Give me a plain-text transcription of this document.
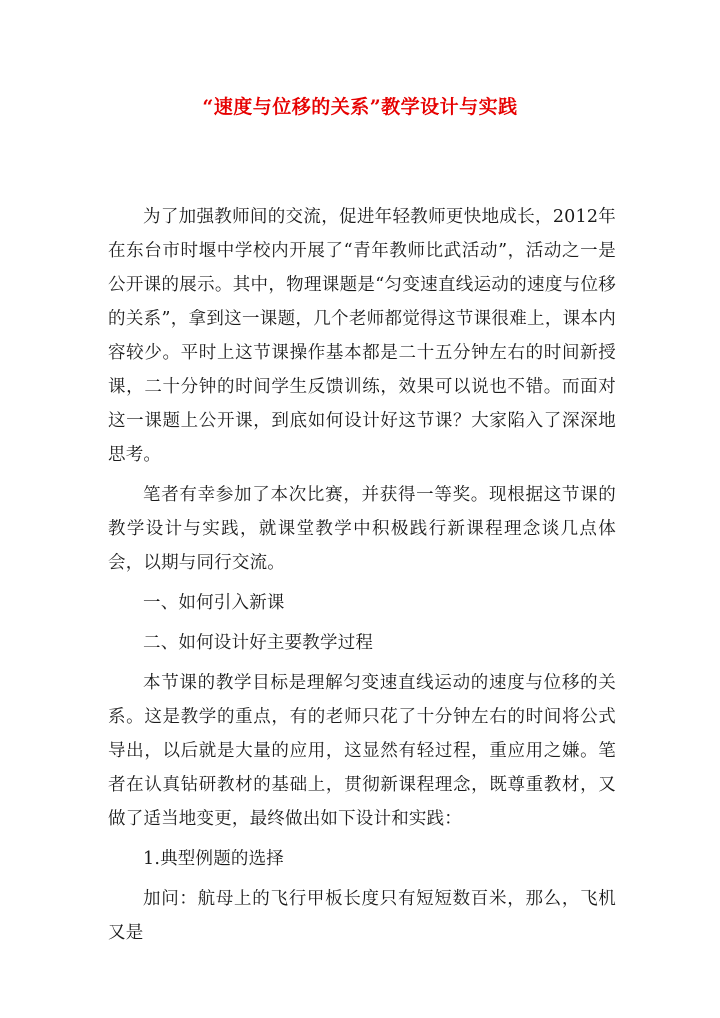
“速度与位移的关系”教学设计与实践

为了加强教师间的交流，促进年轻教师更快地成长，2012年在东台市时堰中学校内开展了“青年教师比武活动”，活动之一是公开课的展示。其中，物理课题是“匀变速直线运动的速度与位移的关系”，拿到这一课题，几个老师都觉得这节课很难上，课本内容较少。平时上这节课操作基本都是二十五分钟左右的时间新授课，二十分钟的时间学生反馈训练，效果可以说也不错。而面对这一课题上公开课，到底如何设计好这节课？大家陷入了深深地思考。

笔者有幸参加了本次比赛，并获得一等奖。现根据这节课的教学设计与实践，就课堂教学中积极践行新课程理念谈几点体会，以期与同行交流。

一、如何引入新课

二、如何设计好主要教学过程

本节课的教学目标是理解匀变速直线运动的速度与位移的关系。这是教学的重点，有的老师只花了十分钟左右的时间将公式导出，以后就是大量的应用，这显然有轻过程，重应用之嫌。笔者在认真钻研教材的基础上，贯彻新课程理念，既尊重教材，又做了适当地变更，最终做出如下设计和实践：

1.典型例题的选择

加问：航母上的飞行甲板长度只有短短数百米，那么，飞机又是
